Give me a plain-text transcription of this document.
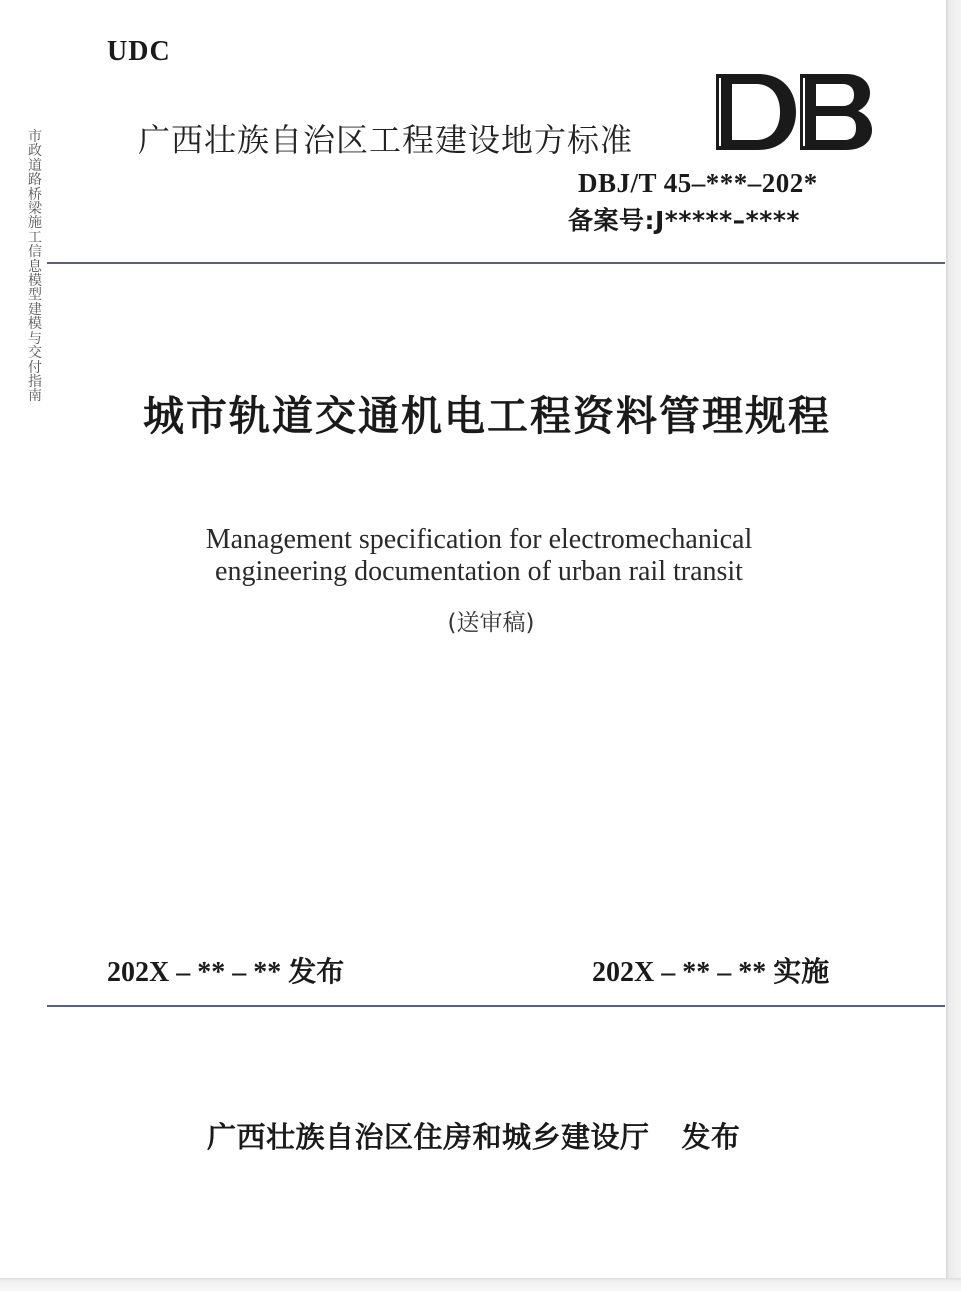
UDC
广西壮族自治区工程建设地方标准
DBJ/T 45–***–202*
备案号:J*****–****
市政道路桥梁施工信息模型建模与交付指南	城市轨道交通机电工程资料管理规程
Management specification for electromechanical
engineering documentation of urban rail transit
(送审稿)
202X – ** – ** 发布	202X – ** – ** 实施
广西壮族自治区住房和城乡建设厅 发布
